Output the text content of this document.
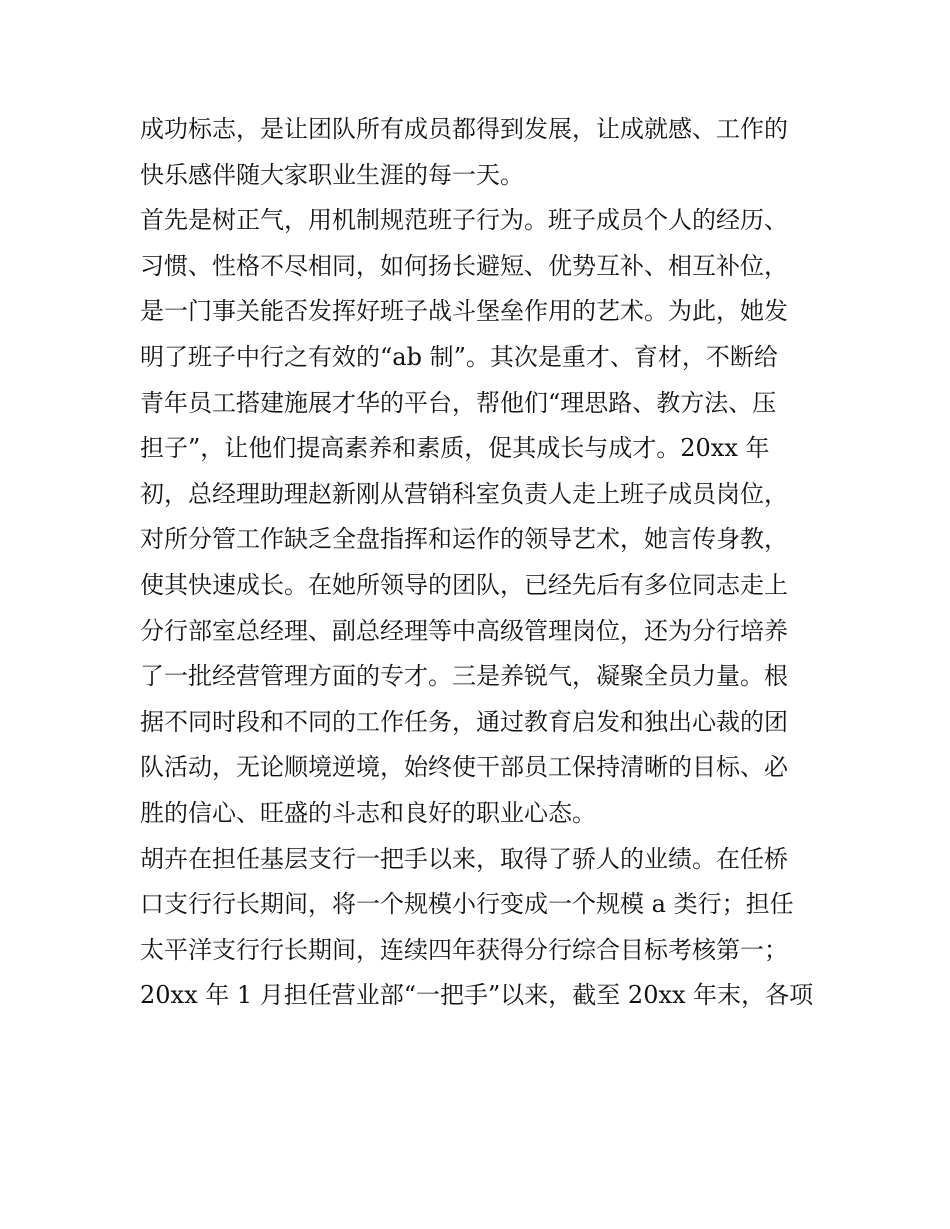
成功标志，是让团队所有成员都得到发展，让成就感、工作的
快乐感伴随大家职业生涯的每一天。
首先是树正气，用机制规范班子行为。班子成员个人的经历、
习惯、性格不尽相同，如何扬长避短、优势互补、相互补位，
是一门事关能否发挥好班子战斗堡垒作用的艺术。为此，她发
明了班子中行之有效的“ab 制”。其次是重才、育材，不断给
青年员工搭建施展才华的平台，帮他们“理思路、教方法、压
担子”，让他们提高素养和素质，促其成长与成才。20xx 年
初，总经理助理赵新刚从营销科室负责人走上班子成员岗位，
对所分管工作缺乏全盘指挥和运作的领导艺术，她言传身教，
使其快速成长。在她所领导的团队，已经先后有多位同志走上
分行部室总经理、副总经理等中高级管理岗位，还为分行培养
了一批经营管理方面的专才。三是养锐气，凝聚全员力量。根
据不同时段和不同的工作任务，通过教育启发和独出心裁的团
队活动，无论顺境逆境，始终使干部员工保持清晰的目标、必
胜的信心、旺盛的斗志和良好的职业心态。
胡卉在担任基层支行一把手以来，取得了骄人的业绩。在任桥
口支行行长期间，将一个规模小行变成一个规模 a 类行；担任
太平洋支行行长期间，连续四年获得分行综合目标考核第一；
20xx 年 1 月担任营业部“一把手”以来，截至 20xx 年末，各项
